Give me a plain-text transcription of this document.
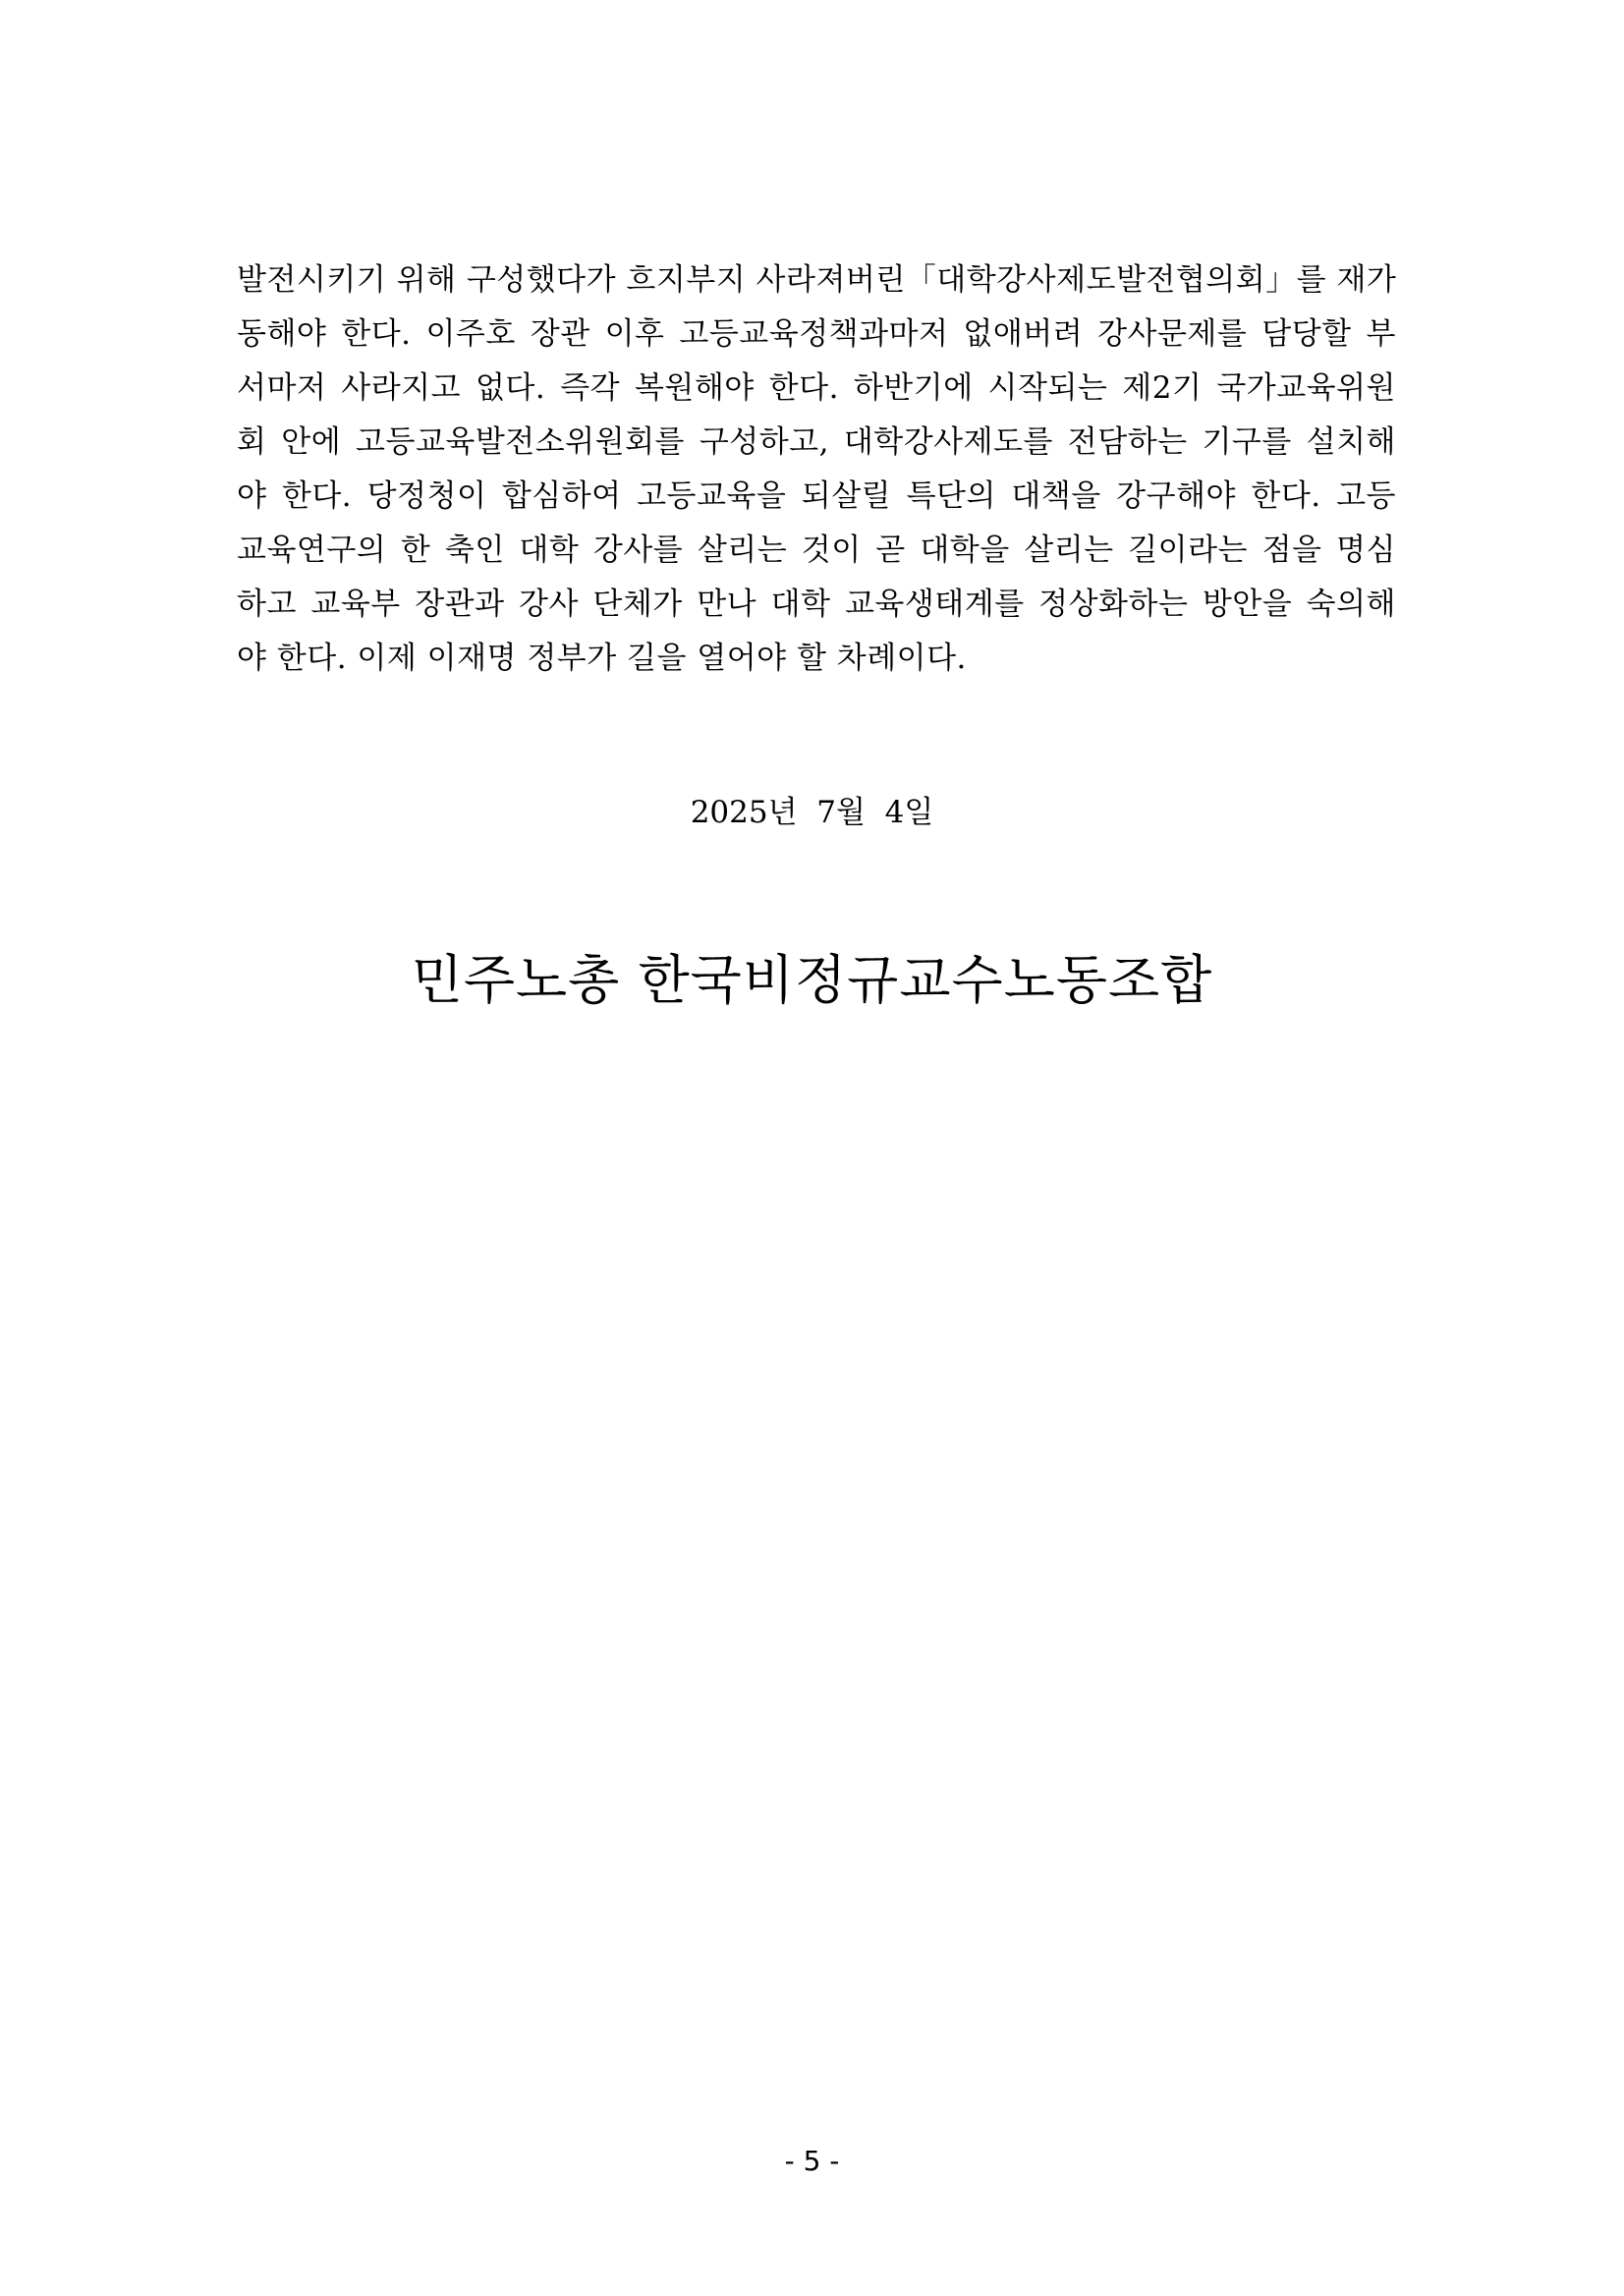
발전시키기 위해 구성했다가 흐지부지 사라져버린「대학강사제도발전협의회」를 재가
동해야 한다. 이주호 장관 이후 고등교육정책과마저 없애버려 강사문제를 담당할 부
서마저 사라지고 없다. 즉각 복원해야 한다. 하반기에 시작되는 제2기 국가교육위원
회 안에 고등교육발전소위원회를 구성하고, 대학강사제도를 전담하는 기구를 설치해
야 한다. 당정청이 합심하여 고등교육을 되살릴 특단의 대책을 강구해야 한다. 고등
교육연구의 한 축인 대학 강사를 살리는 것이 곧 대학을 살리는 길이라는 점을 명심
하고 교육부 장관과 강사 단체가 만나 대학 교육생태계를 정상화하는 방안을 숙의해
야 한다. 이제 이재명 정부가 길을 열어야 할 차례이다.
2025년  7월  4일
민주노총 한국비정규교수노동조합
- 5 -
